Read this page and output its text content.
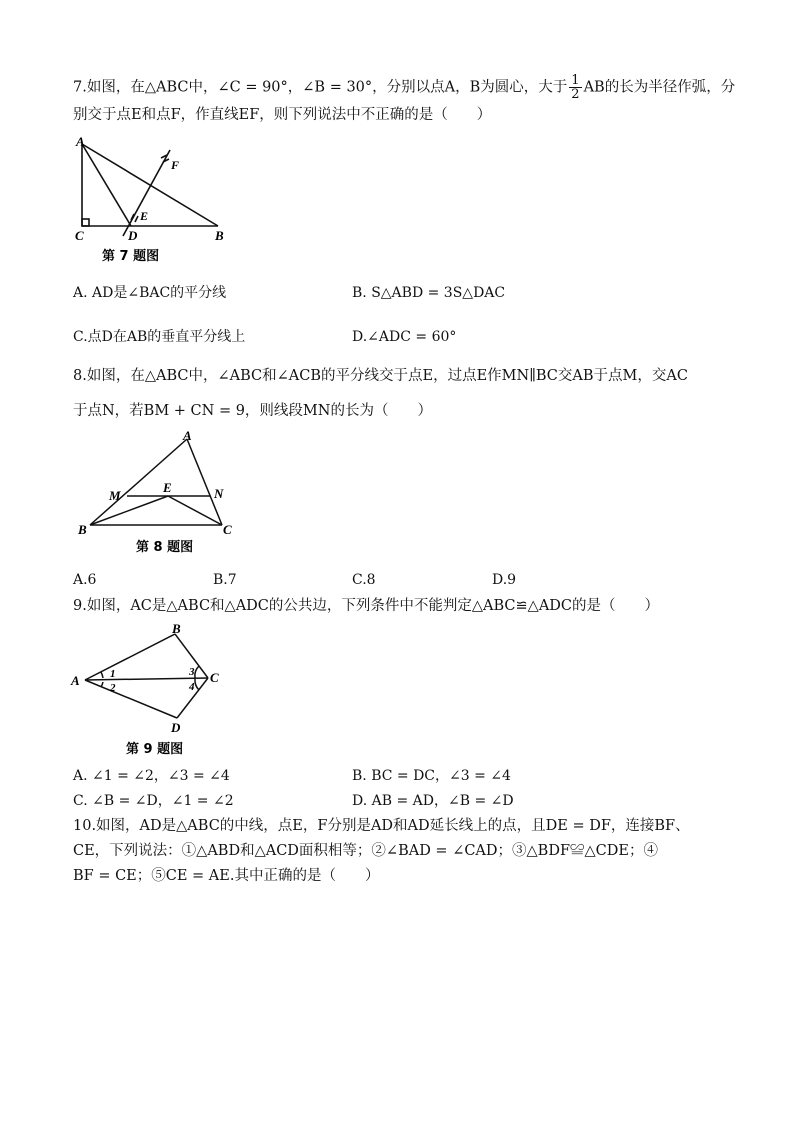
7.如图，在△ABC中，∠C = 90°，∠B = 30°，分别以点A，B为圆心，大于 $\frac{1}{2}$ AB的长为半径作弧，分
别交于点E和点F，作直线EF，则下列说法中不正确的是（　　）
A
B
C	D
E
F
第 7 题图
A. AD是∠BAC的平分线	B. S△ABD = 3S△DAC
C.点D在AB的垂直平分线上	D.∠ADC = 60°
8.如图，在△ABC中，∠ABC和∠ACB的平分线交于点E，过点E作MN∥BC交AB于点M，交AC
于点N，若BM + CN = 9，则线段MN的长为（　　）
A
B	C
M
E	N
第 8 题图
A.6	B.7	C.8	D.9
9.如图，AC是△ABC和△ADC的公共边，下列条件中不能判定△ABC≌△ADC的是（　　）
B
A	C
D
1
2
3
4
第 9 题图
A. ∠1 = ∠2，∠3 = ∠4	B. BC = DC，∠3 = ∠4
C. ∠B = ∠D，∠1 = ∠2	D. AB = AD，∠B = ∠D
10.如图，AD是△ABC的中线，点E，F分别是AD和AD延长线上的点，且DE = DF，连接BF、
CE，下列说法：①△ABD和△ACD面积相等；②∠BAD = ∠CAD；③△BDF≌△CDE；④
BF = CE；⑤CE = AE.其中正确的是（　　）
